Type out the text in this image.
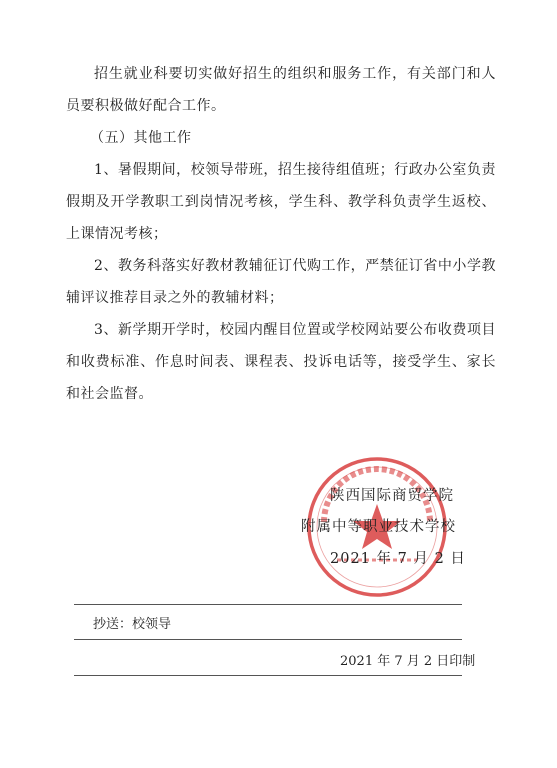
招生就业科要切实做好招生的组织和服务工作，有关部门和人员要积极做好配合工作。
（五）其他工作
1、暑假期间，校领导带班，招生接待组值班；行政办公室负责假期及开学教职工到岗情况考核，学生科、教学科负责学生返校、上课情况考核；
2、教务科落实好教材教辅征订代购工作，严禁征订省中小学教辅评议推荐目录之外的教辅材料；
3、新学期开学时，校园内醒目位置或学校网站要公布收费项目和收费标准、作息时间表、课程表、投诉电话等，接受学生、家长和社会监督。
陕西国际商贸学院
附属中等职业技术学校
2021 年 7 月 2 日
抄送：校领导
2021 年 7 月 2 日印制
